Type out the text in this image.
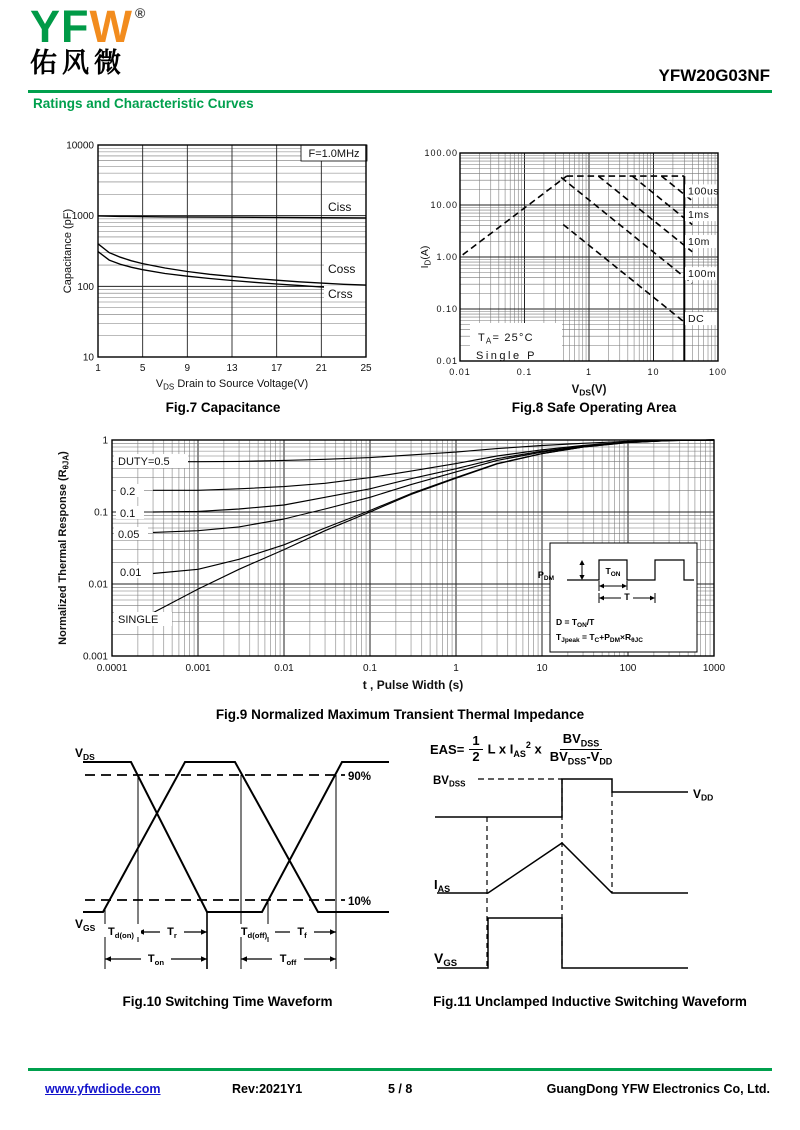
YFW ®
佑风微	YFW20G03NF
Ratings and Characteristic Curves
F=1.0MHz
10000
1000
100
10
1	5	9	13	17	21	25
Ciss
Coss
Crss
Capacitance (pF)
$V_{DS}$ Drain to Source Voltage(V)
Fig.7 Capacitance
$T_A= 25^\circ C$
Single P
100.00
10.00
1.00
0.10
0.01
0.01	0.1	1	10	100
100us
1ms
10m
100m
DC
$I_D(A)$
$V_{DS}(V)$
Fig.8 Safe Operating Area
1
0.1
0.01
0.001
0.0001	0.001	0.01	0.1	1	10	100	1000
DUTY=0.5
0.2
0.1
0.05
0.01
SINGLE
$P_{DM}$
$T_{ON}$
T
$D = T_{ON}/T$
$T_{Jpeak} = T_C+P_{DM}\times R_{\theta JC}$
Normalized Thermal Response $(R_{\theta JA})$
t , Pulse Width (s)
Fig.9 Normalized Maximum Transient Thermal Impedance
$V_{DS}$
$V_{GS}$
90%
10%
$T_{d(on)}$	$T_r$	$T_{d(off)}$	$T_f$
$T_{on}$	$T_{off}$
Fig.10 Switching Time Waveform
$EAS= \frac{1}{2}$ L x $I_{AS}^2$ x $\frac{BV_{DSS}}{BV_{DSS}-V_{DD}}$
$BV_{DSS}$
$V_{DD}$
$I_{AS}$
$V_{GS}$
Fig.11 Unclamped Inductive Switching Waveform
www.yfwdiode.com	Rev:2021Y1	5 / 8	GuangDong YFW Electronics Co, Ltd.
